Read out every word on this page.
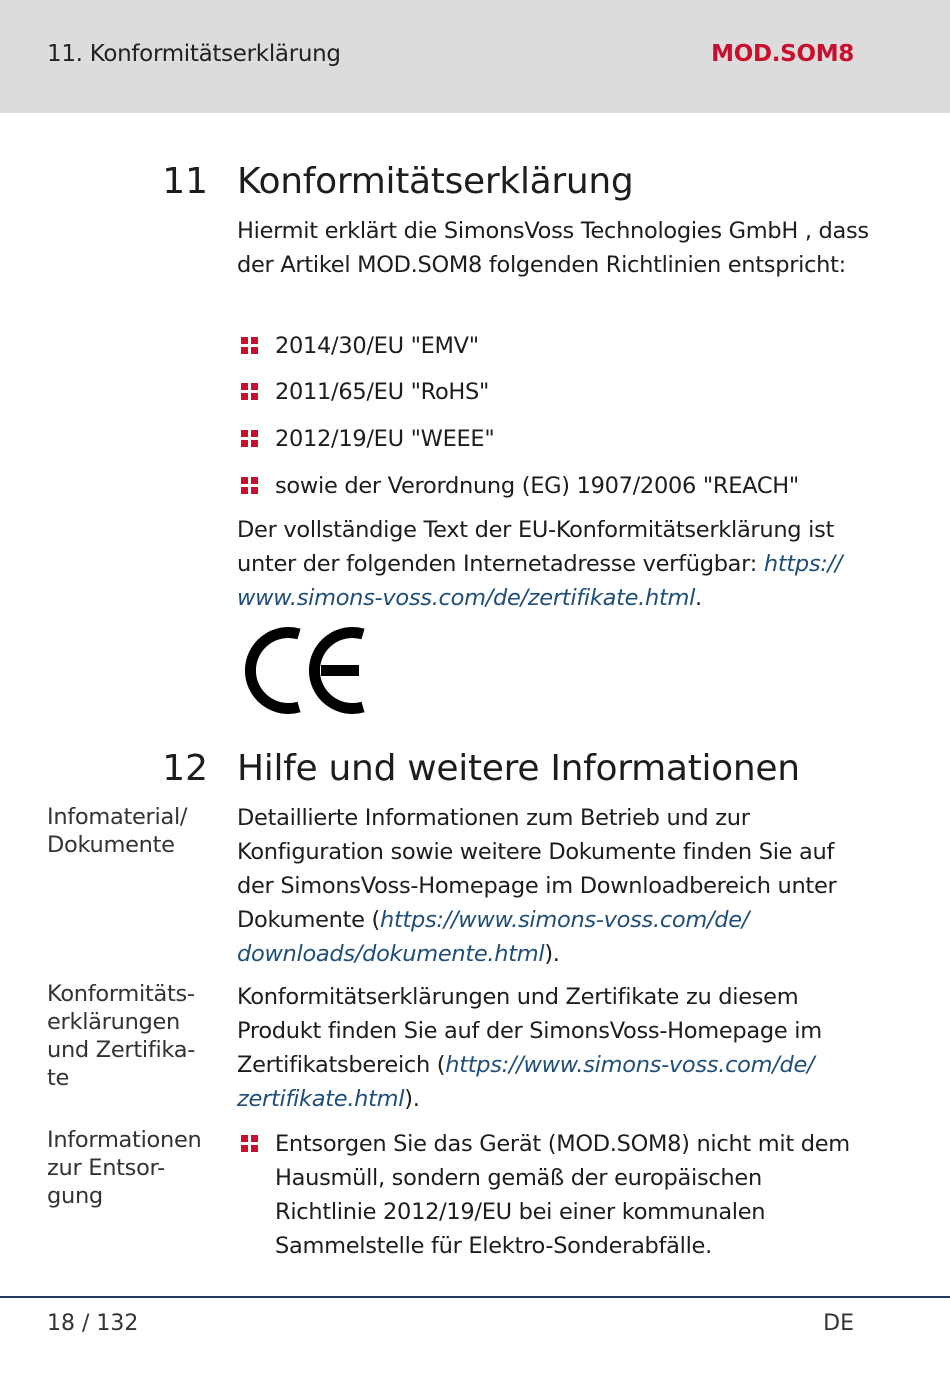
11. Konformitätserklärung	MOD.SOM8
11 Konformitätserklärung
Hiermit erklärt die SimonsVoss Technologies GmbH , dass der Artikel MOD.SOM8 folgenden Richtlinien entspricht:
2014/30/EU "EMV"
2011/65/EU "RoHS"
2012/19/EU "WEEE"
sowie der Verordnung (EG) 1907/2006 "REACH"
Der vollständige Text der EU-Konformitätserklärung ist unter der folgenden Internetadresse verfügbar: https:// www.simons-voss.com/de/zertifikate.html.
12 Hilfe und weitere Informationen
Infomaterial/ Dokumente
Detaillierte Informationen zum Betrieb und zur Konfiguration sowie weitere Dokumente finden Sie auf der SimonsVoss-Homepage im Downloadbereich unter Dokumente (https://www.simons-voss.com/de/ downloads/dokumente.html).
Konformitäts- erklärungen und Zertifika- te
Konformitätserklärungen und Zertifikate zu diesem Produkt finden Sie auf der SimonsVoss-Homepage im Zertifikatsbereich (https://www.simons-voss.com/de/ zertifikate.html).
Informationen zur Entsor- gung
Entsorgen Sie das Gerät (MOD.SOM8) nicht mit dem Hausmüll, sondern gemäß der europäischen Richtlinie 2012/19/EU bei einer kommunalen Sammelstelle für Elektro-Sonderabfälle.
18 / 132	DE
